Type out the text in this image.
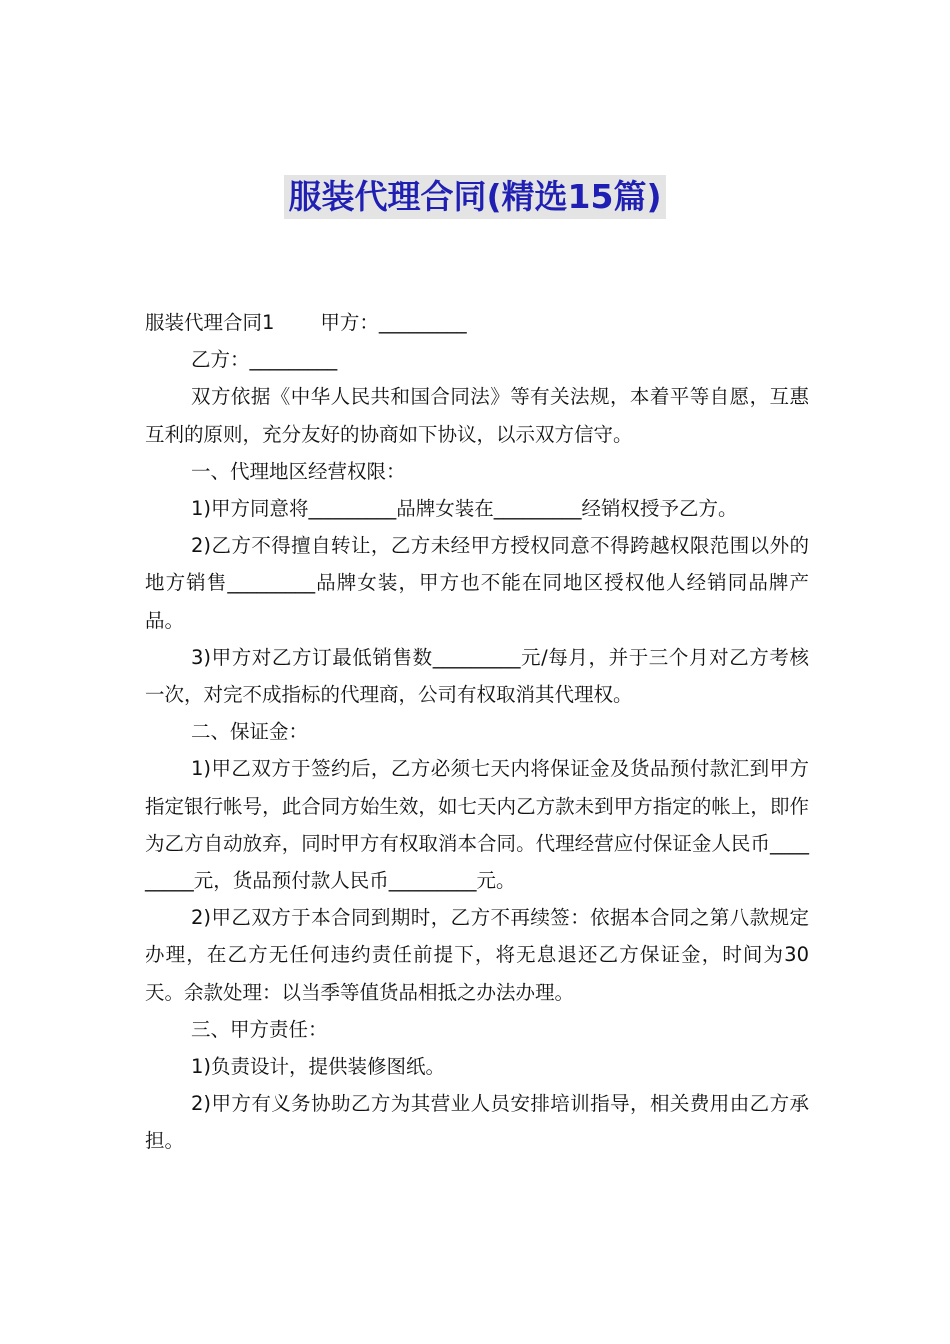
服装代理合同(精选15篇)

服装代理合同1 甲方：_________

乙方：_________

双方依据《中华人民共和国合同法》等有关法规，本着平等自愿，互惠互利的原则，充分友好的协商如下协议，以示双方信守。

一、代理地区经营权限：

1)甲方同意将_________品牌女装在_________经销权授予乙方。

2)乙方不得擅自转让，乙方未经甲方授权同意不得跨越权限范围以外的地方销售_________品牌女装，甲方也不能在同地区授权他人经销同品牌产品。

3)甲方对乙方订最低销售数_________元/每月，并于三个月对乙方考核一次，对完不成指标的代理商，公司有权取消其代理权。

二、保证金：

1)甲乙双方于签约后，乙方必须七天内将保证金及货品预付款汇到甲方指定银行帐号，此合同方始生效，如七天内乙方款未到甲方指定的帐上，即作为乙方自动放弃，同时甲方有权取消本合同。代理经营应付保证金人民币_________元，货品预付款人民币_________元。

2)甲乙双方于本合同到期时，乙方不再续签：依据本合同之第八款规定办理，在乙方无任何违约责任前提下，将无息退还乙方保证金，时间为30天。余款处理：以当季等值货品相抵之办法办理。

三、甲方责任：

1)负责设计，提供装修图纸。

2)甲方有义务协助乙方为其营业人员安排培训指导，相关费用由乙方承担。
